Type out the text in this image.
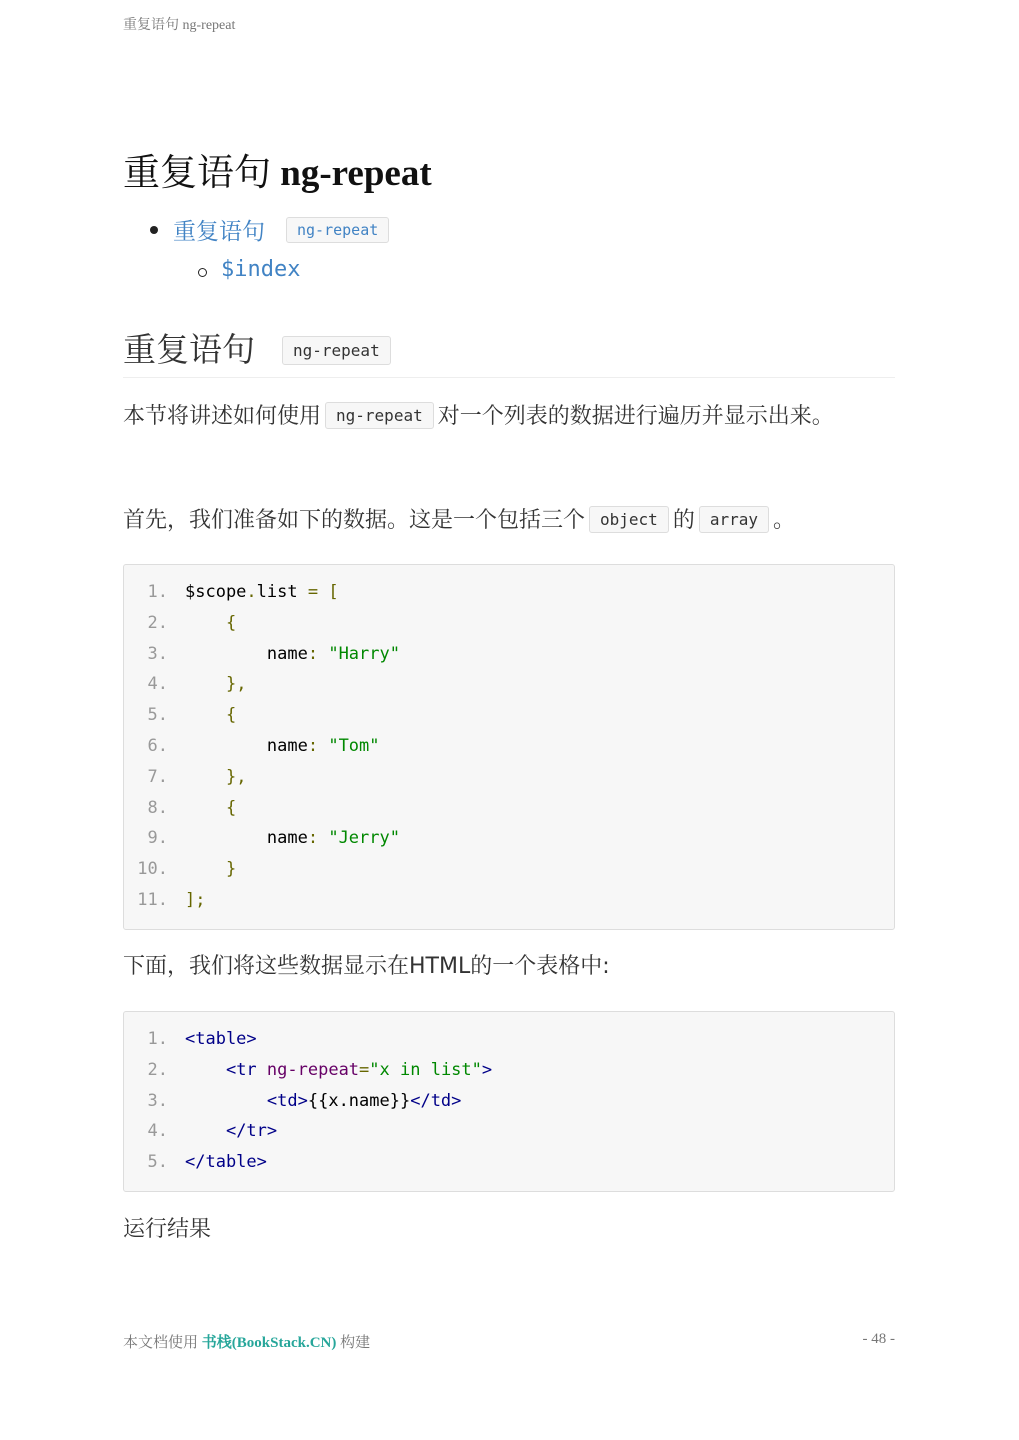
重复语句 ng-repeat
重复语句 ng-repeat
重复语句	ng-repeat
$index
重复语句	ng-repeat

本节将讲述如何使用 ng-repeat 对一个列表的数据进行遍历并显示出来。

首先，我们准备如下的数据。这是一个包括三个 object 的 array 。

1. $scope.list = [
2.	{
3. name: "Harry"
4.	},
5.	{
6. name: "Tom"
7.	},
8.	{
9. name: "Jerry"
10.	}
11. ];

下面，我们将这些数据显示在HTML的一个表格中:

1. <table>
2.	<tr ng-repeat="x in list">
3.	<td>{{x.name}}</td>
4.	</tr>
5. </table>

运行结果

本文档使用 书栈(BookStack.CN) 构建	- 48 -
